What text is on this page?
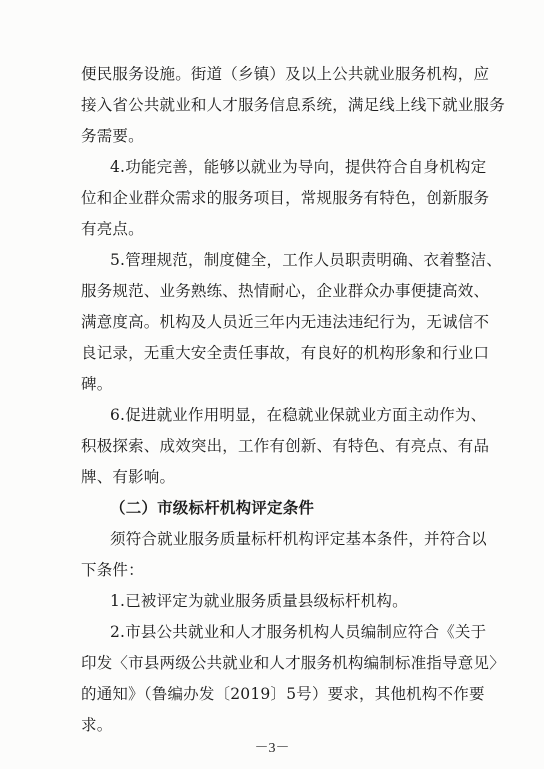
便民服务设施。街道（乡镇）及以上公共就业服务机构，应
接入省公共就业和人才服务信息系统，满足线上线下就业服务
务需要。
4.功能完善，能够以就业为导向，提供符合自身机构定
位和企业群众需求的服务项目，常规服务有特色，创新服务
有亮点。
5.管理规范，制度健全，工作人员职责明确、衣着整洁、
服务规范、业务熟练、热情耐心，企业群众办事便捷高效、
满意度高。机构及人员近三年内无违法违纪行为，无诚信不
良记录，无重大安全责任事故，有良好的机构形象和行业口
碑。
6.促进就业作用明显，在稳就业保就业方面主动作为、
积极探索、成效突出，工作有创新、有特色、有亮点、有品
牌、有影响。
（二）市级标杆机构评定条件
须符合就业服务质量标杆机构评定基本条件，并符合以
下条件：
1.已被评定为就业服务质量县级标杆机构。
2.市县公共就业和人才服务机构人员编制应符合《关于
印发〈市县两级公共就业和人才服务机构编制标准指导意见〉
的通知》（鲁编办发〔2019〕5号）要求，其他机构不作要
求。
－3－
